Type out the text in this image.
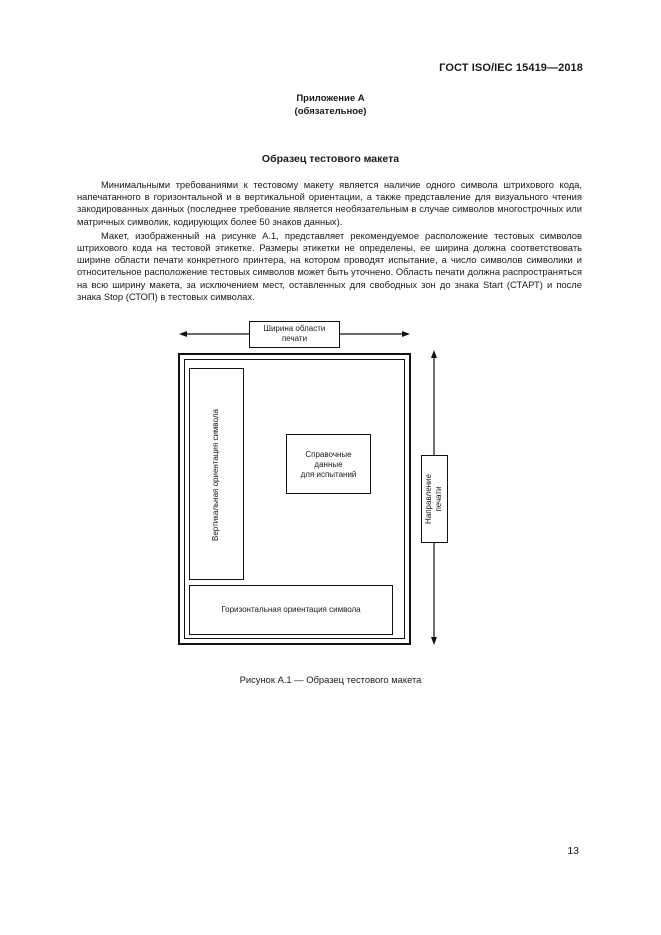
ГОСТ ISO/IEC 15419—2018
Приложение А
(обязательное)
Образец тестового макета

Минимальными требованиями к тестовому макету является наличие одного символа штрихового кода, напечатанного в горизонтальной и в вертикальной ориентации, а также представление для визуального чтения закодированных данных (последнее требование является необязательным в случае символов многострочных или матричных символик, кодирующих более 50 знаков данных).

Макет, изображенный на рисунке А.1, представляет рекомендуемое расположение тестовых символов штрихового кода на тестовой этикетке. Размеры этикетки не определены, ее ширина должна соответствовать ширине области печати конкретного принтера, на котором проводят испытание, а число символов символики и относительное расположение тестовых символов может быть уточнено. Область печати должна распространяться на всю ширину макета, за исключением мест, оставленных для свободных зон до знака Start (СТАРТ) и после знака Stop (СТОП) в тестовых символах.

Вертикальная ориентация символа	Справочные
данные
для испытаний
Горизонтальная ориентация символа
Ширина области
печати
Направление печати
Рисунок А.1 — Образец тестового макета
13
